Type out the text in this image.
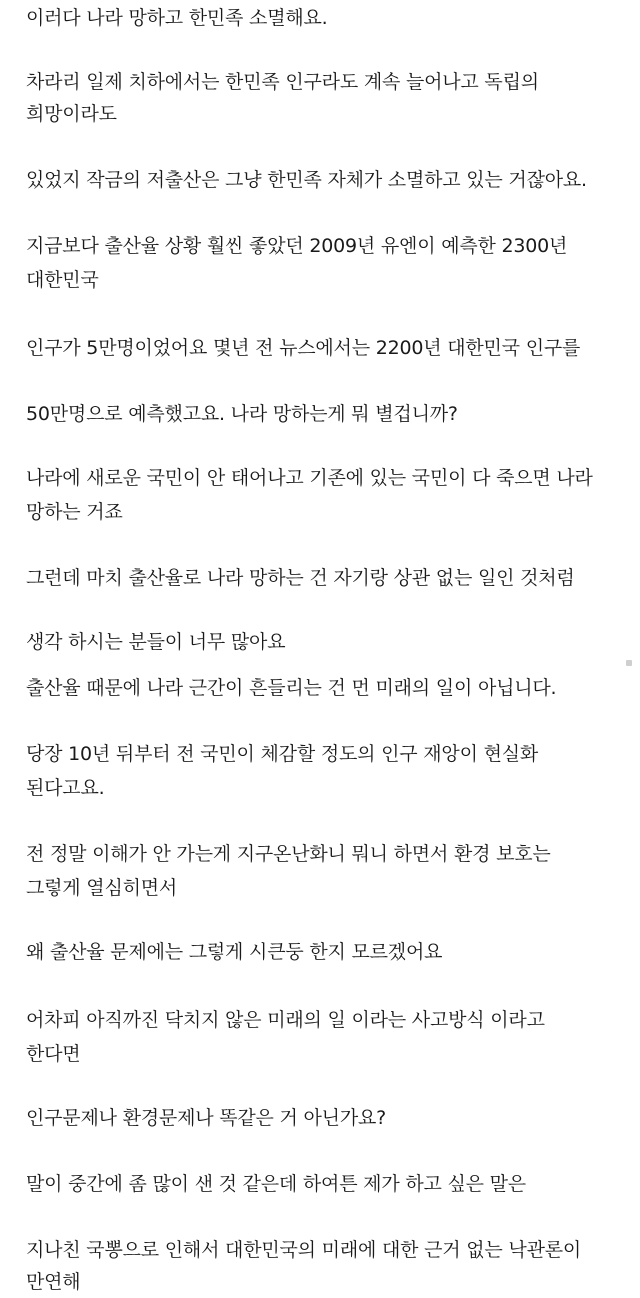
이러다 나라 망하고 한민족 소멸해요.
차라리 일제 치하에서는 한민족 인구라도 계속 늘어나고 독립의
희망이라도
있었지 작금의 저출산은 그냥 한민족 자체가 소멸하고 있는 거잖아요.
지금보다 출산율 상황 훨씬 좋았던 2009년 유엔이 예측한 2300년
대한민국
인구가 5만명이었어요 몇년 전 뉴스에서는 2200년 대한민국 인구를
50만명으로 예측했고요. 나라 망하는게 뭐 별겁니까?
나라에 새로운 국민이 안 태어나고 기존에 있는 국민이 다 죽으면 나라
망하는 거죠
그런데 마치 출산율로 나라 망하는 건 자기랑 상관 없는 일인 것처럼
생각 하시는 분들이 너무 많아요
출산율 때문에 나라 근간이 흔들리는 건 먼 미래의 일이 아닙니다.
당장 10년 뒤부터 전 국민이 체감할 정도의 인구 재앙이 현실화
된다고요.
전 정말 이해가 안 가는게 지구온난화니 뭐니 하면서 환경 보호는
그렇게 열심히면서
왜 출산율 문제에는 그렇게 시큰둥 한지 모르겠어요
어차피 아직까진 닥치지 않은 미래의 일 이라는 사고방식 이라고
한다면
인구문제나 환경문제나 똑같은 거 아닌가요?
말이 중간에 좀 많이 샌 것 같은데 하여튼 제가 하고 싶은 말은
지나친 국뽕으로 인해서 대한민국의 미래에 대한 근거 없는 낙관론이
만연해
